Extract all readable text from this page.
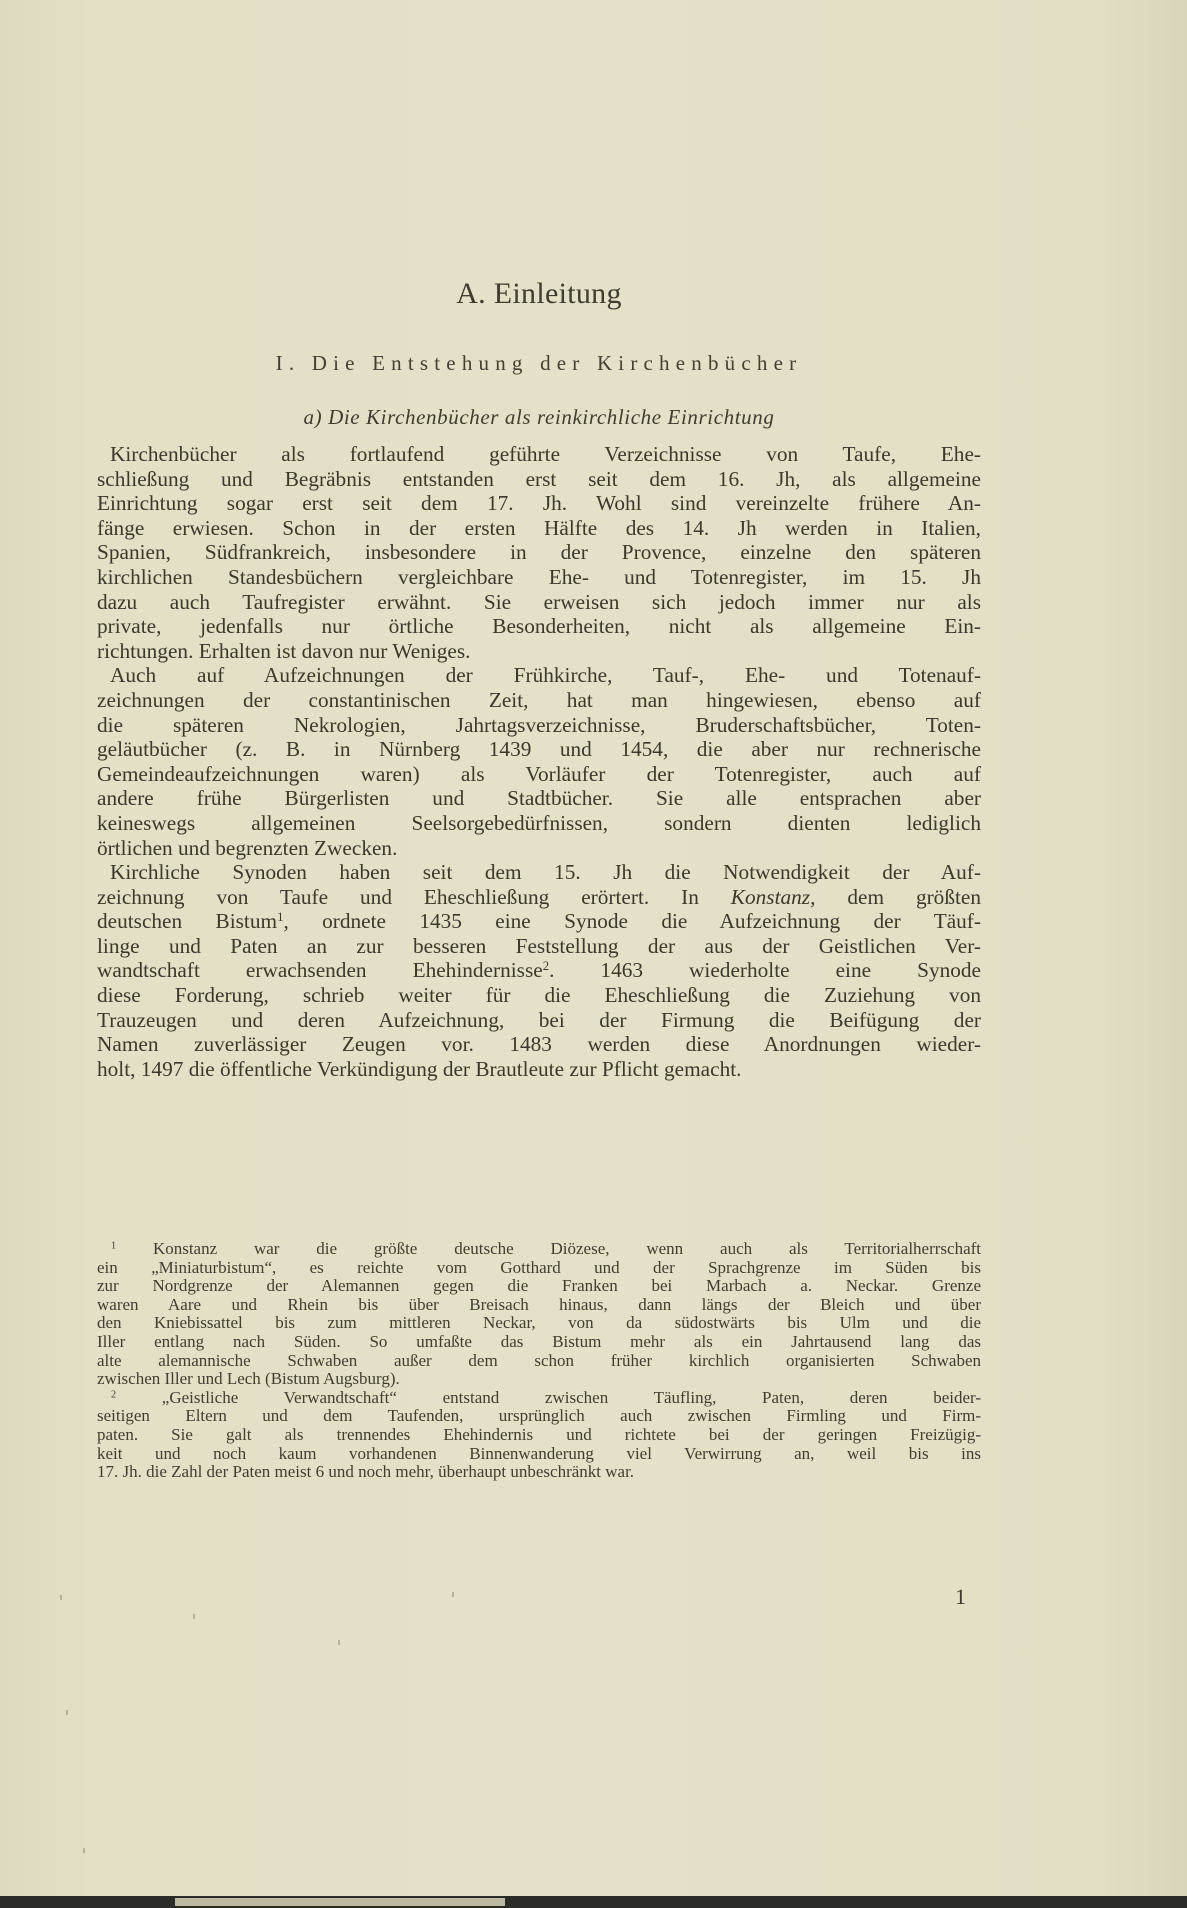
A. Einleitung
I. Die Entstehung der Kirchenbücher
a) Die Kirchenbücher als reinkirchliche Einrichtung
Kirchenbücher als fortlaufend geführte Verzeichnisse von Taufe, Ehe-
schließung und Begräbnis entstanden erst seit dem 16. Jh, als allgemeine
Einrichtung sogar erst seit dem 17. Jh. Wohl sind vereinzelte frühere An-
fänge erwiesen. Schon in der ersten Hälfte des 14. Jh werden in Italien,
Spanien, Südfrankreich, insbesondere in der Provence, einzelne den späteren
kirchlichen Standesbüchern vergleichbare Ehe- und Totenregister, im 15. Jh
dazu auch Taufregister erwähnt. Sie erweisen sich jedoch immer nur als
private, jedenfalls nur örtliche Besonderheiten, nicht als allgemeine Ein-
richtungen. Erhalten ist davon nur Weniges.
Auch auf Aufzeichnungen der Frühkirche, Tauf-, Ehe- und Totenauf-
zeichnungen der constantinischen Zeit, hat man hingewiesen, ebenso auf
die späteren Nekrologien, Jahrtagsverzeichnisse, Bruderschaftsbücher, Toten-
geläutbücher (z. B. in Nürnberg 1439 und 1454, die aber nur rechnerische
Gemeindeaufzeichnungen waren) als Vorläufer der Totenregister, auch auf
andere frühe Bürgerlisten und Stadtbücher. Sie alle entsprachen aber
keineswegs allgemeinen Seelsorgebedürfnissen, sondern dienten lediglich
örtlichen und begrenzten Zwecken.
Kirchliche Synoden haben seit dem 15. Jh die Notwendigkeit der Auf-
zeichnung von Taufe und Eheschließung erörtert. In Konstanz, dem größten
deutschen Bistum$^1$, ordnete 1435 eine Synode die Aufzeichnung der Täuf-
linge und Paten an zur besseren Feststellung der aus der Geistlichen Ver-
wandtschaft erwachsenden Ehehindernisse$^2$. 1463 wiederholte eine Synode
diese Forderung, schrieb weiter für die Eheschließung die Zuziehung von
Trauzeugen und deren Aufzeichnung, bei der Firmung die Beifügung der
Namen zuverlässiger Zeugen vor. 1483 werden diese Anordnungen wieder-
holt, 1497 die öffentliche Verkündigung der Brautleute zur Pflicht gemacht.
$^1$ Konstanz war die größte deutsche Diözese, wenn auch als Territorialherrschaft
ein „Miniaturbistum“, es reichte vom Gotthard und der Sprachgrenze im Süden bis
zur Nordgrenze der Alemannen gegen die Franken bei Marbach a. Neckar. Grenze
waren Aare und Rhein bis über Breisach hinaus, dann längs der Bleich und über
den Kniebissattel bis zum mittleren Neckar, von da südostwärts bis Ulm und die
Iller entlang nach Süden. So umfaßte das Bistum mehr als ein Jahrtausend lang das
alte alemannische Schwaben außer dem schon früher kirchlich organisierten Schwaben
zwischen Iller und Lech (Bistum Augsburg).
$^2$	„Geistliche Verwandtschaft“ entstand zwischen Täufling, Paten, deren beider-
seitigen Eltern und dem Taufenden, ursprünglich auch zwischen Firmling und Firm-
paten. Sie galt als trennendes Ehehindernis und richtete bei der geringen Freizügig-
keit und noch kaum vorhandenen Binnenwanderung viel Verwirrung an, weil bis ins
17. Jh. die Zahl der Paten meist 6 und noch mehr, überhaupt unbeschränkt war.
1
